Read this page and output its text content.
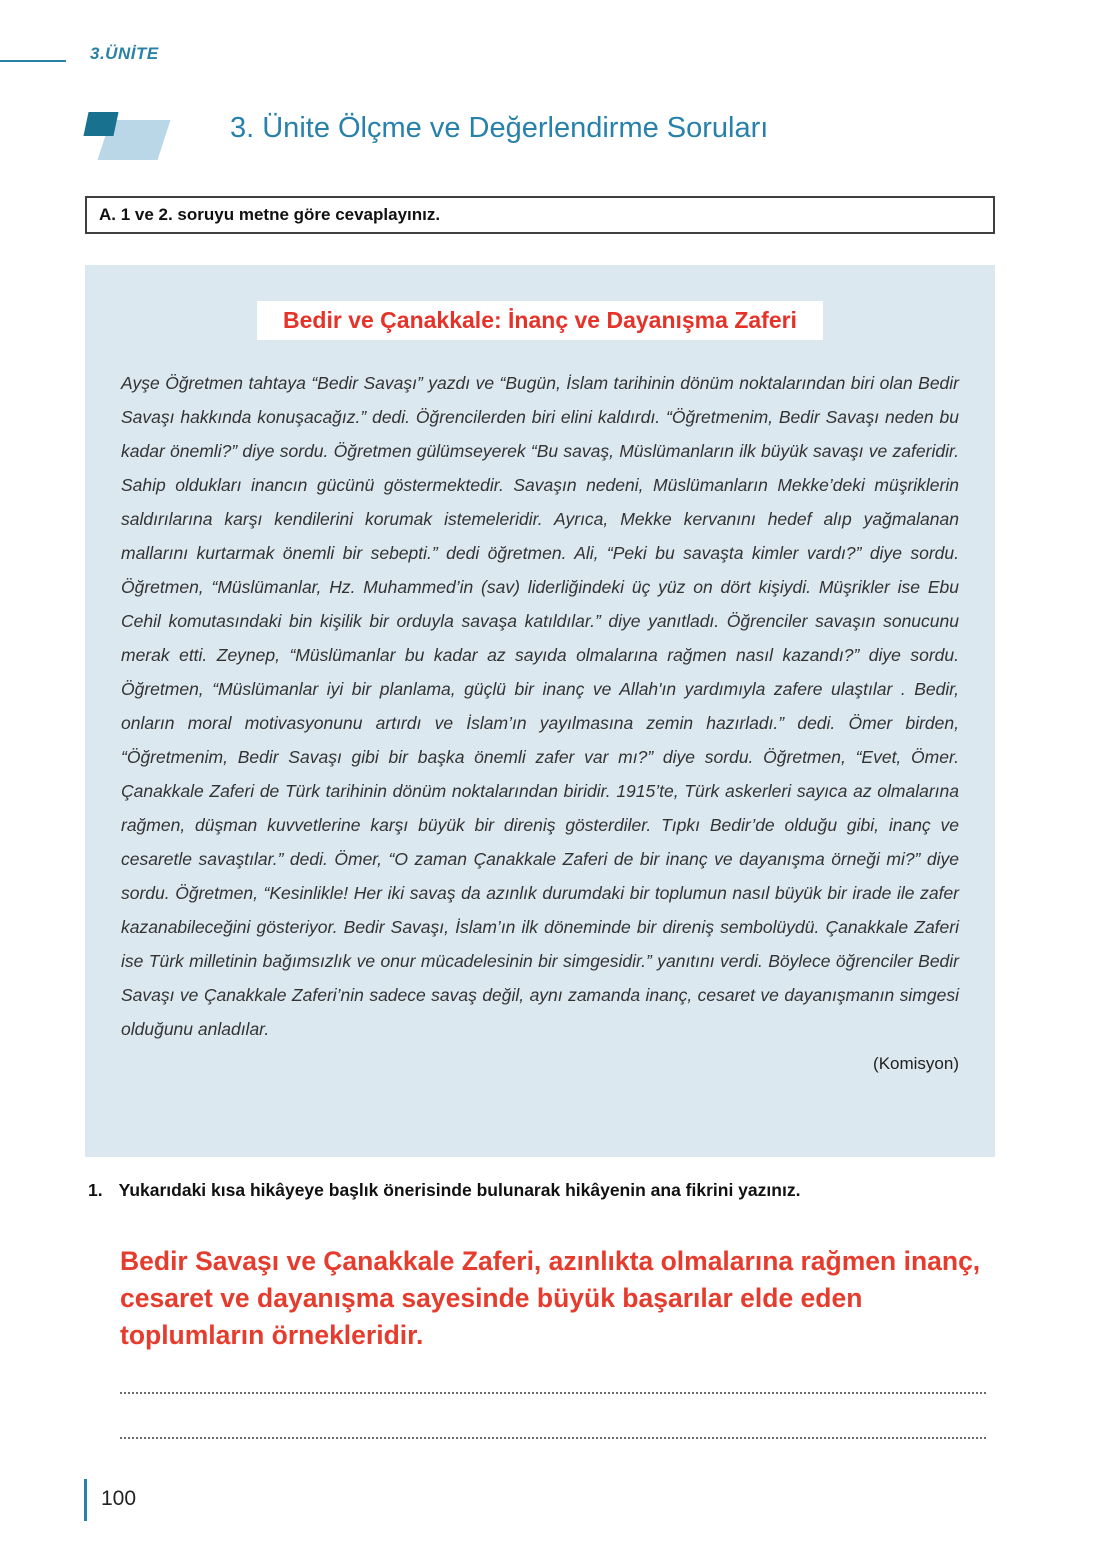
3.ÜNİTE
3. Ünite Ölçme ve Değerlendirme Soruları
A. 1 ve 2. soruyu metne göre cevaplayınız.
Bedir ve Çanakkale: İnanç ve Dayanışma Zaferi

Ayşe Öğretmen tahtaya “Bedir Savaşı” yazdı ve “Bugün, İslam tarihinin dönüm noktalarından biri olan Bedir Savaşı hakkında konuşacağız.” dedi. Öğrencilerden biri elini kaldırdı. “Öğretmenim, Bedir Savaşı neden bu kadar önemli?” diye sordu. Öğretmen gülümseyerek “Bu savaş, Müslümanların ilk büyük savaşı ve zaferidir. Sahip oldukları inancın gücünü göstermektedir. Savaşın nedeni, Müslümanların Mekke’deki müşriklerin saldırılarına karşı kendilerini korumak istemeleridir. Ayrıca, Mekke kervanını hedef alıp yağmalanan mallarını kurtarmak önemli bir sebepti.” dedi öğretmen. Ali, “Peki bu savaşta kimler vardı?” diye sordu. Öğretmen, “Müslümanlar, Hz. Muhammed’in (sav) liderliğindeki üç yüz on dört kişiydi. Müşrikler ise Ebu Cehil komutasındaki bin kişilik bir orduyla savaşa katıldılar.” diye yanıtladı. Öğrenciler savaşın sonucunu merak etti. Zeynep, “Müslümanlar bu kadar az sayıda olmalarına rağmen nasıl kazandı?” diye sordu. Öğretmen, “Müslümanlar iyi bir planlama, güçlü bir inanç ve Allah'ın yardımıyla zafere ulaştılar . Bedir, onların moral motivasyonunu artırdı ve İslam’ın yayılmasına zemin hazırladı.” dedi. Ömer birden, “Öğretmenim, Bedir Savaşı gibi bir başka önemli zafer var mı?” diye sordu. Öğretmen, “Evet, Ömer. Çanakkale Zaferi de Türk tarihinin dönüm noktalarından biridir. 1915’te, Türk askerleri sayıca az olmalarına rağmen, düşman kuvvetlerine karşı büyük bir direniş gösterdiler. Tıpkı Bedir’de olduğu gibi, inanç ve cesaretle savaştılar.” dedi. Ömer, “O zaman Çanakkale Zaferi de bir inanç ve dayanışma örneği mi?” diye sordu. Öğretmen, “Kesinlikle! Her iki savaş da azınlık durumdaki bir toplumun nasıl büyük bir irade ile zafer kazanabileceğini gösteriyor. Bedir Savaşı, İslam’ın ilk döneminde bir direniş sembolüydü. Çanakkale Zaferi ise Türk milletinin bağımsızlık ve onur mücadelesinin bir simgesidir.” yanıtını verdi. Böylece öğrenciler Bedir Savaşı ve Çanakkale Zaferi’nin sadece savaş değil, aynı zamanda inanç, cesaret ve dayanışmanın simgesi olduğunu anladılar.

(Komisyon)

1. Yukarıdaki kısa hikâyeye başlık önerisinde bulunarak hikâyenin ana fikrini yazınız.

Bedir Savaşı ve Çanakkale Zaferi, azınlıkta olmalarına rağmen inanç, cesaret ve dayanışma sayesinde büyük başarılar elde eden toplumların örnekleridir.

100
